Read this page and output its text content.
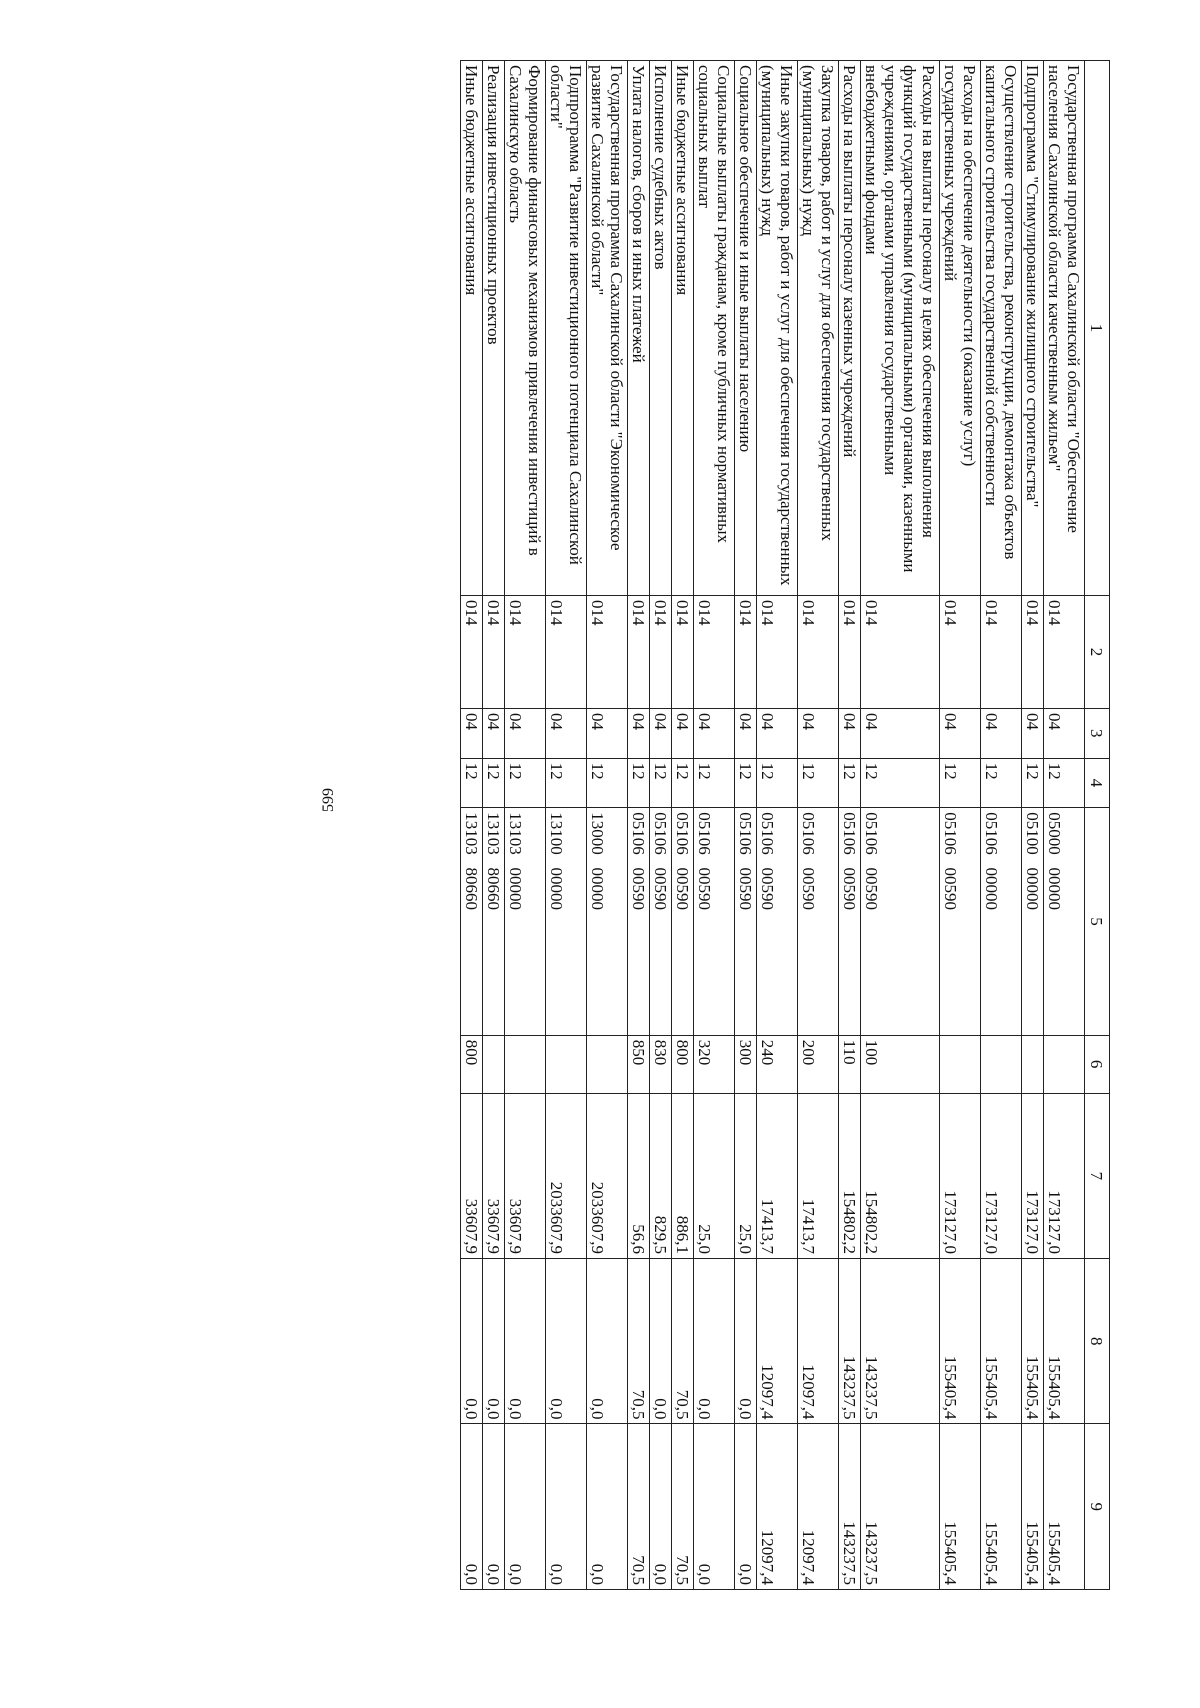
599
1	2	3	4	5	6	7	8	9
Государственная программа Сахалинской области "Обеспечение населения Сахалинской области качественным жильем"	014	04	12	05000   00000		173127,0	155405,4	155405,4
Подпрограмма "Стимулирование жилищного строительства"	014	04	12	05100   00000		173127,0	155405,4	155405,4
Осуществление строительства, реконструкции, демонтажа объектов капитального строительства государственной собственности	014	04	12	05106   00000		173127,0	155405,4	155405,4
Расходы на обеспечение деятельности (оказание услуг) государственных учреждений	014	04	12	05106   00590		173127,0	155405,4	155405,4
Расходы на выплаты персоналу в целях обеспечения выполнения функций государственными (муниципальными) органами, казенными учреждениями, органами управления государственными внебюджетными фондами	014	04	12	05106   00590	100	154802,2	143237,5	143237,5
Расходы на выплаты персоналу казенных учреждений	014	04	12	05106   00590	110	154802,2	143237,5	143237,5
Закупка товаров, работ и услуг для обеспечения государственных (муниципальных) нужд	014	04	12	05106   00590	200	17413,7	12097,4	12097,4
Иные закупки товаров, работ и услуг для обеспечения государственных (муниципальных) нужд	014	04	12	05106   00590	240	17413,7	12097,4	12097,4
Социальное обеспечение и иные выплаты населению	014	04	12	05106   00590	300	25,0	0,0	0,0
Социальные выплаты гражданам, кроме публичных нормативных социальных выплат	014	04	12	05106   00590	320	25,0	0,0	0,0
Иные бюджетные ассигнования	014	04	12	05106   00590	800	886,1	70,5	70,5
Исполнение судебных актов	014	04	12	05106   00590	830	829,5	0,0	0,0
Уплата налогов, сборов и иных платежей	014	04	12	05106   00590	850	56,6	70,5	70,5
Государственная программа Сахалинской области "Экономическое развитие Сахалинской области"	014	04	12	13000   00000		2033607,9	0,0	0,0
Подпрограмма "Развитие инвестиционного потенциала Сахалинской области"	014	04	12	13100   00000		2033607,9	0,0	0,0
Формирование финансовых механизмов привлечения инвестиций в Сахалинскую область	014	04	12	13103   00000		33607,9	0,0	0,0
Реализация инвестиционных проектов	014	04	12	13103   80660		33607,9	0,0	0,0
Иные бюджетные ассигнования	014	04	12	13103   80660	800	33607,9	0,0	0,0
